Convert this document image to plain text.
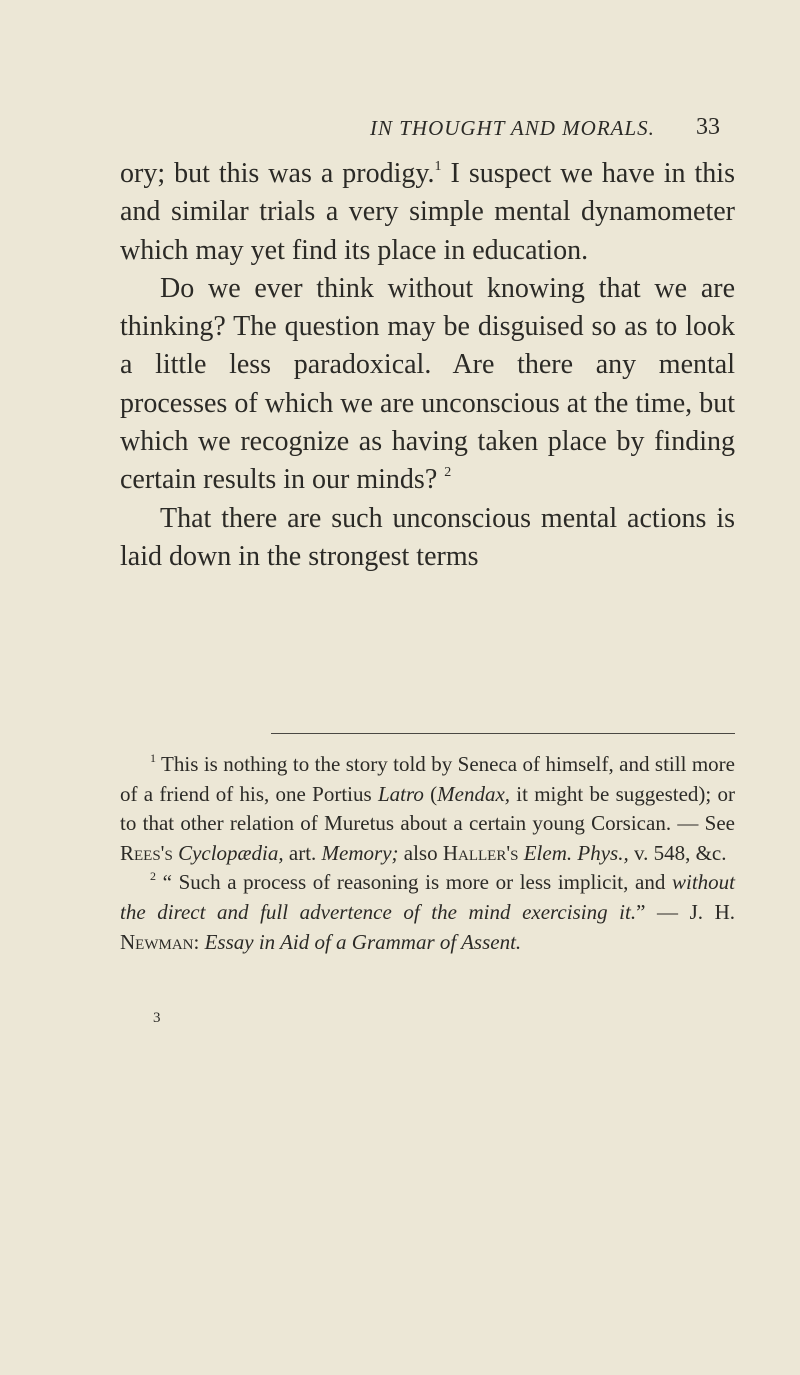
IN THOUGHT AND MORALS. 33

ory; but this was a prodigy.$^1$ I suspect we have in this and similar trials a very simple mental dynamometer which may yet find its place in education.

Do we ever think without knowing that we are thinking? The question may be disguised so as to look a little less paradoxical. Are there any mental processes of which we are unconscious at the time, but which we recognize as having taken place by finding certain results in our minds? $^2$

That there are such unconscious mental actions is laid down in the strongest terms

$^1$ This is nothing to the story told by Seneca of himself, and still more of a friend of his, one Portius Latro (Mendax, it might be suggested); or to that other relation of Muretus about a certain young Corsican. — See Rees's Cyclopædia, art. Memory; also Haller's Elem. Phys., v. 548, &c.

$^2$ “ Such a process of reasoning is more or less implicit, and without the direct and full advertence of the mind exercising it.” — J. H. Newman: Essay in Aid of a Grammar of Assent.

3
